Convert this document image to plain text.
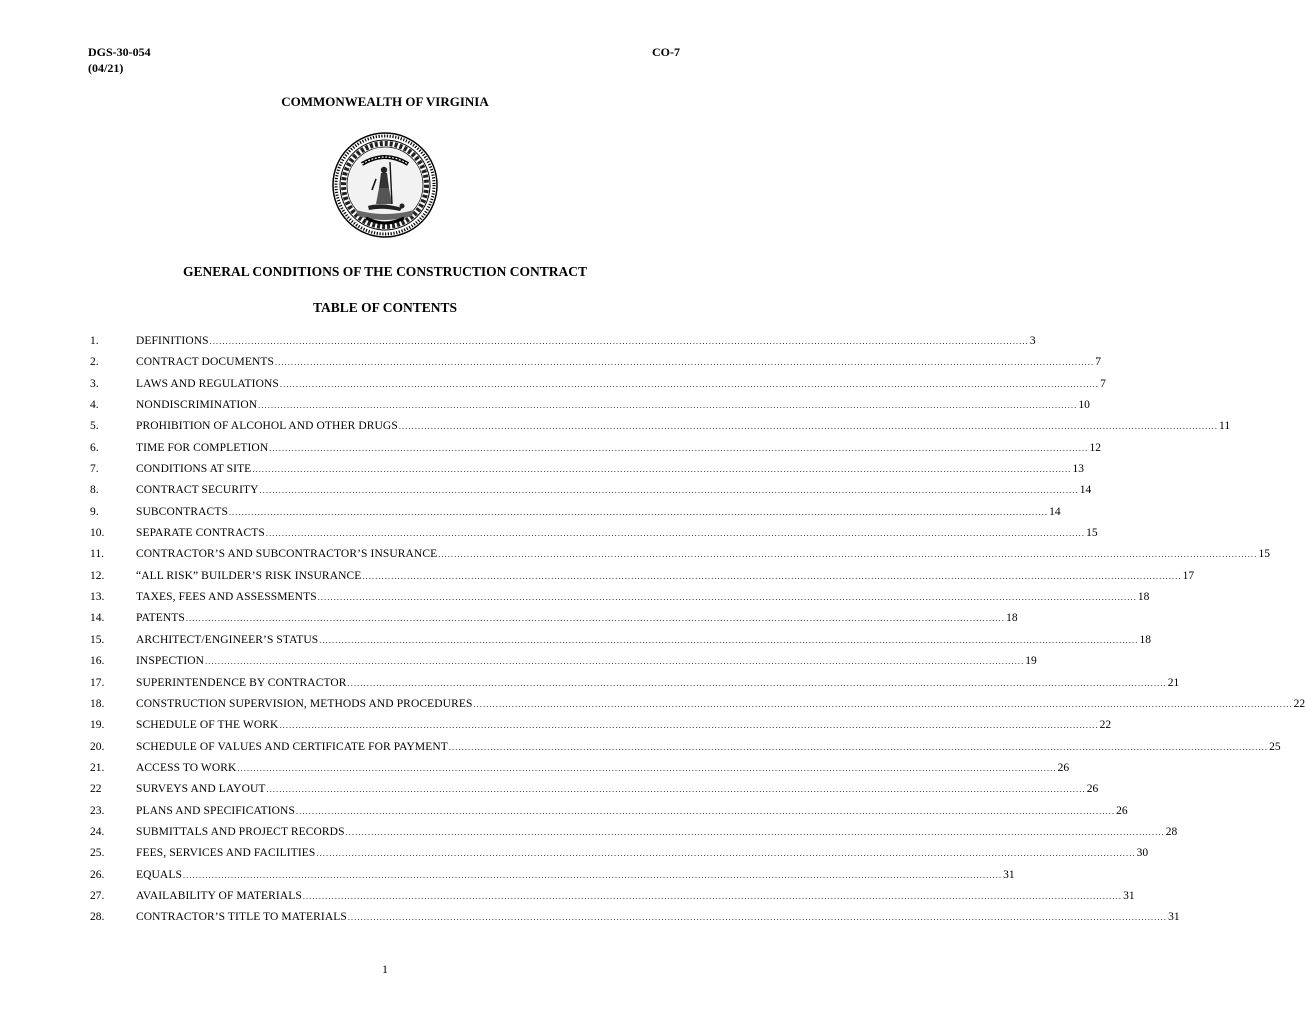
DGS-30-054
(04/21)
CO-7
COMMONWEALTH OF VIRGINIA
GENERAL CONDITIONS OF THE CONSTRUCTION CONTRACT
TABLE OF CONTENTS
1.	DEFINITIONS .....	3
2.	CONTRACT DOCUMENTS .....	7
3.	LAWS AND REGULATIONS .....	7
4.	NONDISCRIMINATION .....	10
5.	PROHIBITION OF ALCOHOL AND OTHER DRUGS .....	11
6.	TIME FOR COMPLETION .....	12
7.	CONDITIONS AT SITE .....	13
8.	CONTRACT SECURITY .....	14
9.	SUBCONTRACTS .....	14
10.	SEPARATE CONTRACTS .....	15
11.	CONTRACTOR’S AND SUBCONTRACTOR’S INSURANCE .....	15
12.	“ALL RISK” BUILDER’S RISK INSURANCE .....	17
13.	TAXES, FEES AND ASSESSMENTS .....	18
14.	PATENTS .....	18
15.	ARCHITECT/ENGINEER’S STATUS .....	18
16.	INSPECTION .....	19
17.	SUPERINTENDENCE BY CONTRACTOR .....	21
18.	CONSTRUCTION SUPERVISION, METHODS AND PROCEDURES .....	22
19.	SCHEDULE OF THE WORK .....	22
20.	SCHEDULE OF VALUES AND CERTIFICATE FOR PAYMENT .....	25
21.	ACCESS TO WORK .....	26
22	SURVEYS AND LAYOUT .....	26
23.	PLANS AND SPECIFICATIONS .....	26
24.	SUBMITTALS AND PROJECT RECORDS .....	28
25.	FEES, SERVICES AND FACILITIES .....	30
26.	EQUALS .....	31
27.	AVAILABILITY OF MATERIALS .....	31
28.	CONTRACTOR’S TITLE TO MATERIALS .....	31
1
